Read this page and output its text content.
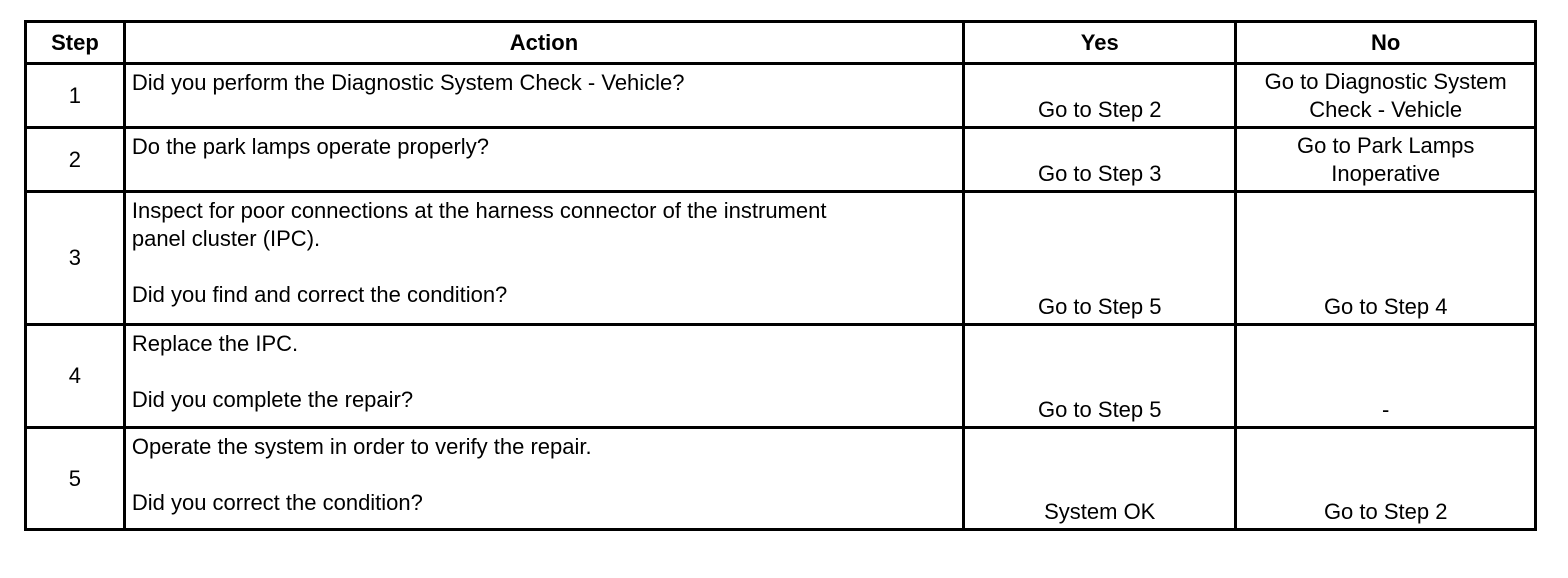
Step	Action	Yes	No
1	Did you perform the Diagnostic System Check - Vehicle?	Go to Step 2	Go to Diagnostic System
Check - Vehicle

2	Do the park lamps operate properly?	Go to Step 3	Go to Park Lamps
Inoperative

3	Inspect for poor connections at the harness connector of the instrument
panel cluster (IPC).
Did you find and correct the condition?	Go to Step 5	Go to Step 4

4	Replace the IPC.
Did you complete the repair?	Go to Step 5	-

5	Operate the system in order to verify the repair.
Did you correct the condition?	System OK	Go to Step 2
